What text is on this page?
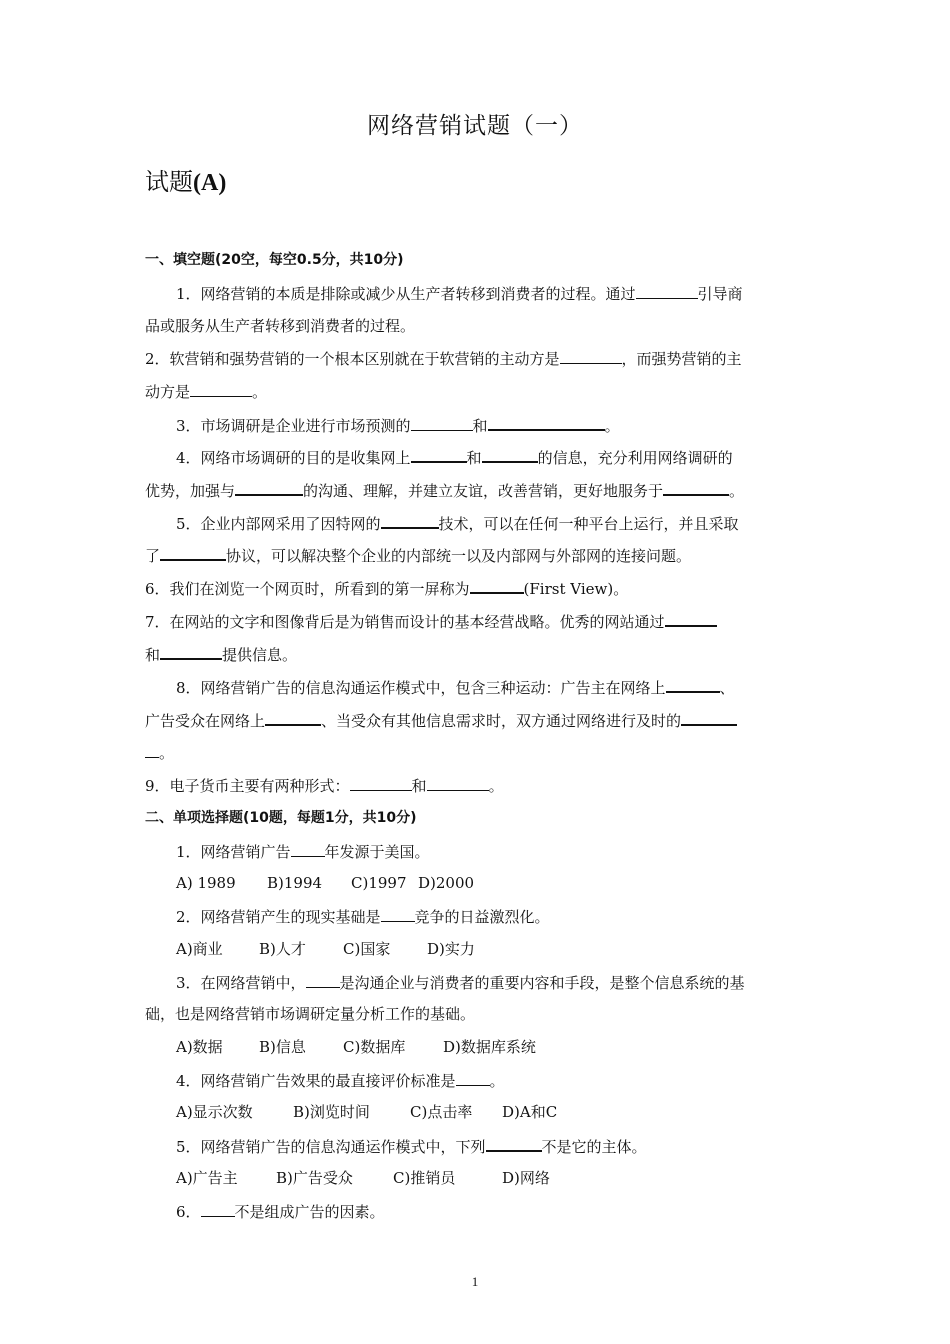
网络营销试题（一）
试题(A)
一、填空题(20空，每空0.5分，共10分)
1．网络营销的本质是排除或减少从生产者转移到消费者的过程。通过	引导商
品或服务从生产者转移到消费者的过程。
2．软营销和强势营销的一个根本区别就在于软营销的主动方是	，而强势营销的主
动方是	。
3．市场调研是企业进行市场预测的	和	。
4．网络市场调研的目的是收集网上	和	的信息，充分利用网络调研的
优势，加强与	的沟通、理解，并建立友谊，改善营销，更好地服务于	。
5．企业内部网采用了因特网的	技术，可以在任何一种平台上运行，并且采取
了	协议，可以解决整个企业的内部统一以及内部网与外部网的连接问题。
6．我们在浏览一个网页时，所看到的第一屏称为	(First View)。
7．在网站的文字和图像背后是为销售而设计的基本经营战略。优秀的网站通过
和	提供信息。
8．网络营销广告的信息沟通运作模式中，包含三种运动：广告主在网络上	、
广告受众在网络上	、当受众有其他信息需求时，双方通过网络进行及时的
。
9．电子货币主要有两种形式：	和	。
二、单项选择题(10题，每题1分，共10分)
1．网络营销广告 年发源于美国。
A) 1989 B)1994 C)1997 D)2000
2．网络营销产生的现实基础是 竞争的日益激烈化。
A)商业 B)人才 C)国家 D)实力
3．在网络营销中， 是沟通企业与消费者的重要内容和手段，是整个信息系统的基
础，也是网络营销市场调研定量分析工作的基础。
A)数据 B)信息 C)数据库	D)数据库系统
4．网络营销广告效果的最直接评价标准是 。
A)显示次数	B)浏览时间	C)点击率 D)A和C
5．网络营销广告的信息沟通运作模式中，下列	不是它的主体。
A)广告主	B)广告受众	C)推销员	D)网络
6． 不是组成广告的因素。
1
